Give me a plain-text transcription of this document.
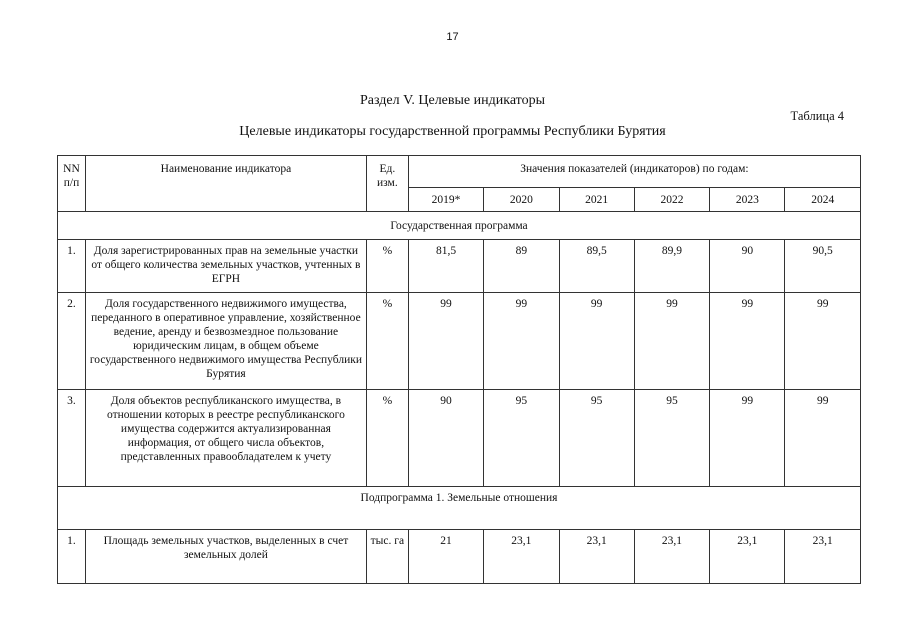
17
Раздел V. Целевые индикаторы
Таблица 4
Целевые индикаторы государственной программы Республики Бурятия
NN п/п	Наименование индикатора	Ед. изм.	Значения показателей (индикаторов) по годам:					
			2019*	2020	2021	2022	2023	2024
Государственная программа								
1.	Доля зарегистрированных прав на земельные участки от общего количества земельных участков, учтенных в ЕГРН	%	81,5	89	89,5	89,9	90	90,5
2.	Доля государственного недвижимого имущества, переданного в оперативное управление, хозяйственное ведение, аренду и безвозмездное пользование юридическим лицам, в общем объеме государственного недвижимого имущества Республики Бурятия	%	99	99	99	99	99	99
3.	Доля объектов республиканского имущества, в отношении которых в реестре республиканского имущества содержится актуализированная информация, от общего числа объектов, представленных правообладателем к учету	%	90	95	95	95	99	99
Подпрограмма 1. Земельные отношения								
1.	Площадь земельных участков, выделенных в счет земельных долей	тыс. га	21	23,1	23,1	23,1	23,1	23,1
